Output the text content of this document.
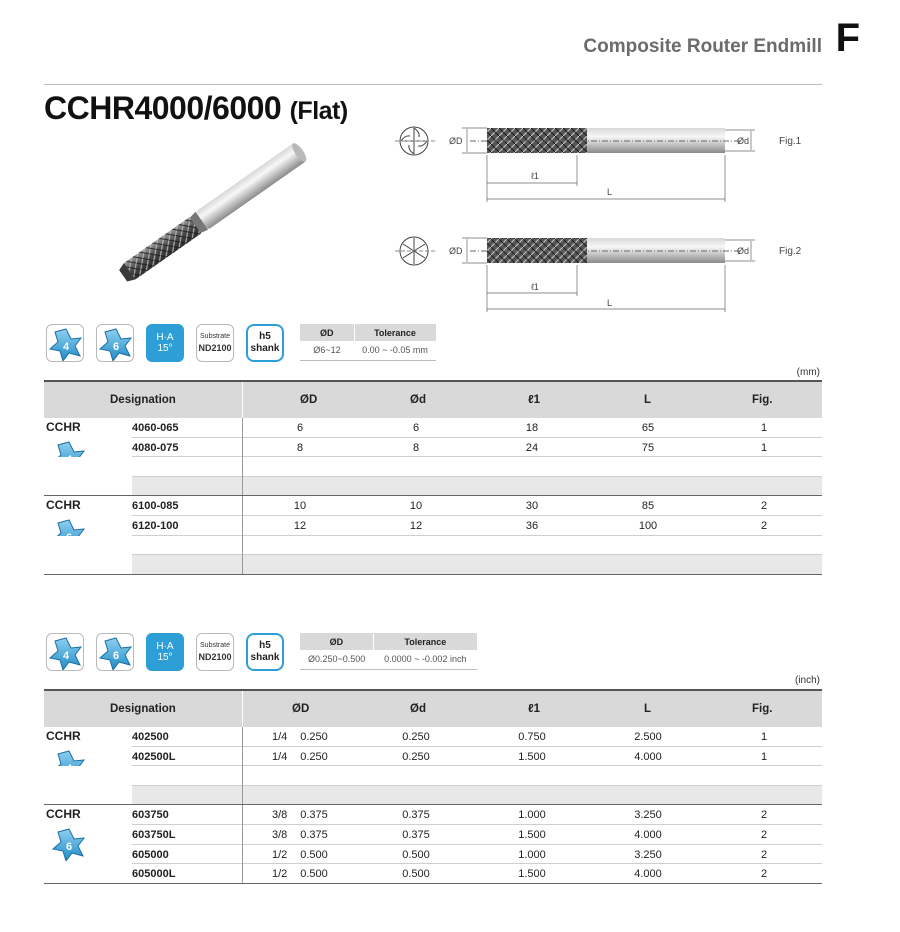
Composite Router Endmill F
CCHR4000/6000 (Flat)
ØD	Ød
ℓ1
L
Fig.1
ØD	Ød
ℓ1
L
Fig.2
4	6
H·A
15°
Substrate
ND2100
h5
shank
ØD	Tolerance
Ø6~12	0.00 ~ -0.05 mm
(mm)
Designation	ØD	Ød	ℓ1	L	Fig.
CCHR	4060-065	6	6	18	65	1
4080-075	8	8	24	75	1
CCHR	6100-085	10	10	30	85	2
6120-100	12	12	36	100	2
4	6
H·A
15°
Substrate
ND2100
h5
shank
ØD	Tolerance
Ø0.250~0.500	0.0000 ~ -0.002 inch
(inch)
Designation	ØD	Ød	ℓ1	L	Fig.
CCHR	402500	1/4 0.250	0.250	0.750	2.500	1
402500L	1/4 0.250	0.250	1.500	4.000	1
CCHR
6
603750	3/8 0.375	0.375	1.000	3.250	2
603750L	3/8 0.375	0.375	1.500	4.000	2
605000	1/2 0.500	0.500	1.000	3.250	2
605000L	1/2 0.500	0.500	1.500	4.000	2
